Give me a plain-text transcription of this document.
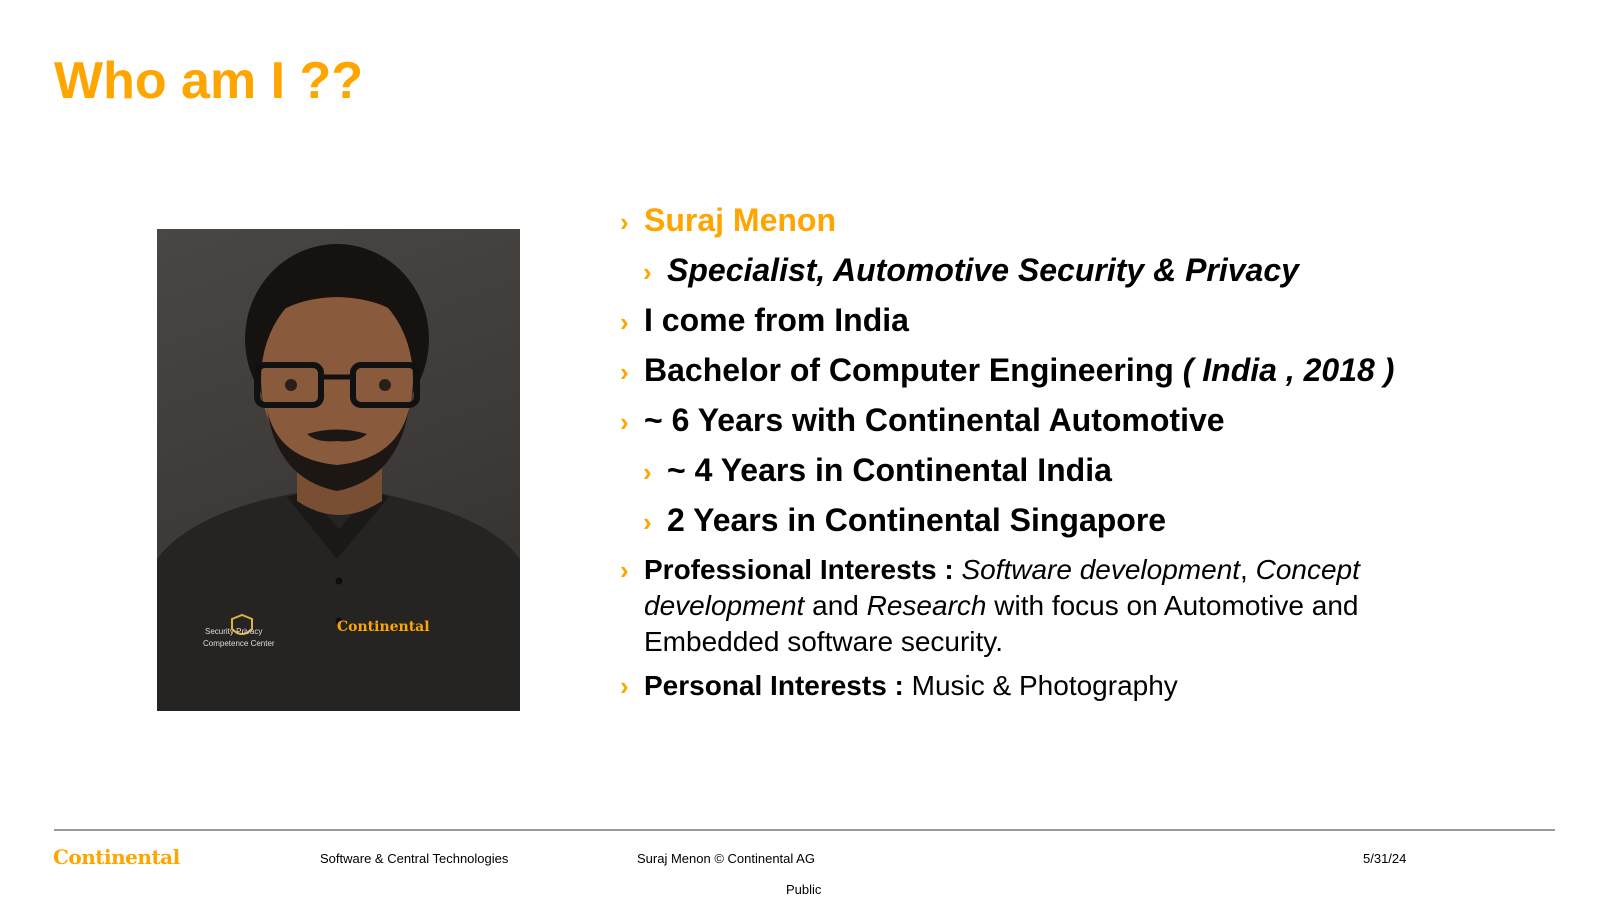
Who am I ??
Security Privacy
Competence Center
Continental
› Suraj Menon
› Specialist, Automotive Security & Privacy
› I come from India
› Bachelor of Computer Engineering ( India , 2018 )
› ~ 6 Years with Continental Automotive
› ~ 4 Years in Continental India
› 2 Years in Continental Singapore
› Professional Interests : Software development, Concept development and Research with focus on Automotive and Embedded software security.
› Personal Interests : Music & Photography
Continental	Software & Central Technologies	Suraj Menon © Continental AG	5/31/24
Public
